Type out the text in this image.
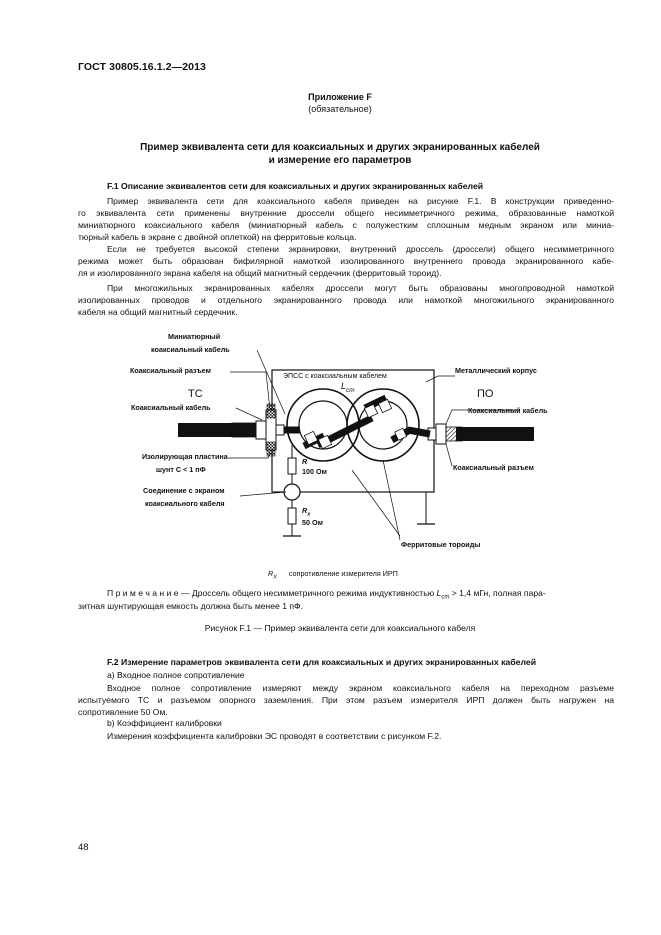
ГОСТ 30805.16.1.2—2013
Приложение F
(обязательное)
Пример эквивалента сети для коаксиальных и других экранированных кабелей
и измерение его параметров
F.1 Описание эквивалентов сети для коаксиальных и других экранированных кабелей
Пример эквивалента сети для коаксиального кабеля приведен на рисунке F.1. В конструкции приведенно-
го эквивалента сети применены внутренние дроссели общего несимметричного режима, образованные намоткой
миниатюрного коаксиального кабеля (миниатюрный кабель с полужестким сплошным медным экраном или миниа-
тюрный кабель в экране с двойной оплеткой) на ферритовые кольца.
Если не требуется высокой степени экранировки, внутренний дроссель (дроссели) общего несимметричного
режима может быть образован бифилярной намоткой изолированного внутреннего провода экранированного кабе-
ля и изолированного экрана кабеля на общий магнитный сердечник (ферритовый тороид).
При многожильных экранированных кабелях дроссели могут быть образованы многопроводной намоткой
изолированных проводов и отдельного экранированного провода или намоткой многожильного экранированного
кабеля на общий магнитный сердечник.
Миниатюрный
коаксиальный кабель
Коаксиальный разъем
ТС
Коаксиальный кабель
Изолирующая пластина
шунт С < 1 пФ
Соединение с экраном
коаксиального кабеля
ЭПСС с коаксиальным кабелем
$L_{cm}$
R
100 Ом
$R_x$
50 Ом
Металлический корпус
ПО
Коаксиальный кабель
Коаксиальный разъем
Ферритовые тороиды
$R_X$ сопротивление измерителя ИРП
П р и м е ч а н и е — Дроссель общего несимметричного режима индуктивностью $L_{cm} > 1,4$ мГн, полная пара-
зитная шунтирующая емкость должна быть менее 1 пФ.
Рисунок F.1 — Пример эквивалента сети для коаксиального кабеля
F.2 Измерение параметров эквивалента сети для коаксиальных и других экранированных кабелей
а) Входное полное сопротивление
Входное полное сопротивление измеряют между экраном коаксиального кабеля на переходном разъеме
испытуемого ТС и разъемом опорного заземления. При этом разъем измерителя ИРП должен быть нагружен на
сопротивление 50 Ом.
b) Коэффициент калибровки
Измерения коэффициента калибровки ЭС проводят в соответствии с рисунком F.2.
48
